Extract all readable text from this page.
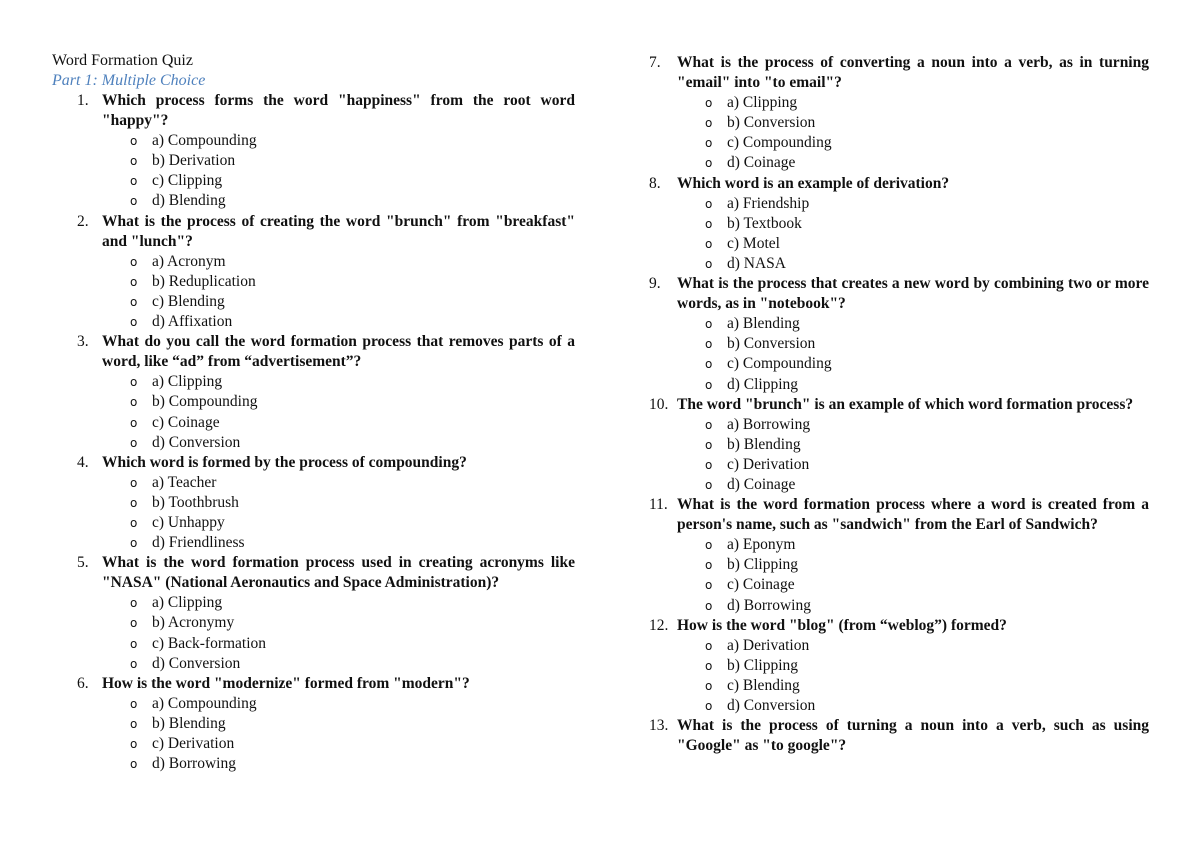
Word Formation Quiz
Part 1: Multiple Choice
1. Which process forms the word "happiness" from the root word "happy"?
o a) Compounding
o b) Derivation
o c) Clipping
o d) Blending
2. What is the process of creating the word "brunch" from "breakfast" and "lunch"?
o a) Acronym
o b) Reduplication
o c) Blending
o d) Affixation
3. What do you call the word formation process that removes parts of a word, like “ad” from “advertisement”?
o a) Clipping
o b) Compounding
o c) Coinage
o d) Conversion
4. Which word is formed by the process of compounding?
o a) Teacher
o b) Toothbrush
o c) Unhappy
o d) Friendliness
5. What is the word formation process used in creating acronyms like "NASA" (National Aeronautics and Space Administration)?
o a) Clipping
o b) Acronymy
o c) Back-formation
o d) Conversion
6. How is the word "modernize" formed from "modern"?
o a) Compounding
o b) Blending
o c) Derivation
o d) Borrowing
7. What is the process of converting a noun into a verb, as in turning "email" into "to email"?
o a) Clipping
o b) Conversion
o c) Compounding
o d) Coinage
8. Which word is an example of derivation?
o a) Friendship
o b) Textbook
o c) Motel
o d) NASA
9. What is the process that creates a new word by combining two or more words, as in "notebook"?
o a) Blending
o b) Conversion
o c) Compounding
o d) Clipping
10. The word "brunch" is an example of which word formation process?
o a) Borrowing
o b) Blending
o c) Derivation
o d) Coinage
11. What is the word formation process where a word is created from a person's name, such as "sandwich" from the Earl of Sandwich?
o a) Eponym
o b) Clipping
o c) Coinage
o d) Borrowing
12. How is the word "blog" (from “weblog”) formed?
o a) Derivation
o b) Clipping
o c) Blending
o d) Conversion
13. What is the process of turning a noun into a verb, such as using "Google" as "to google"?
